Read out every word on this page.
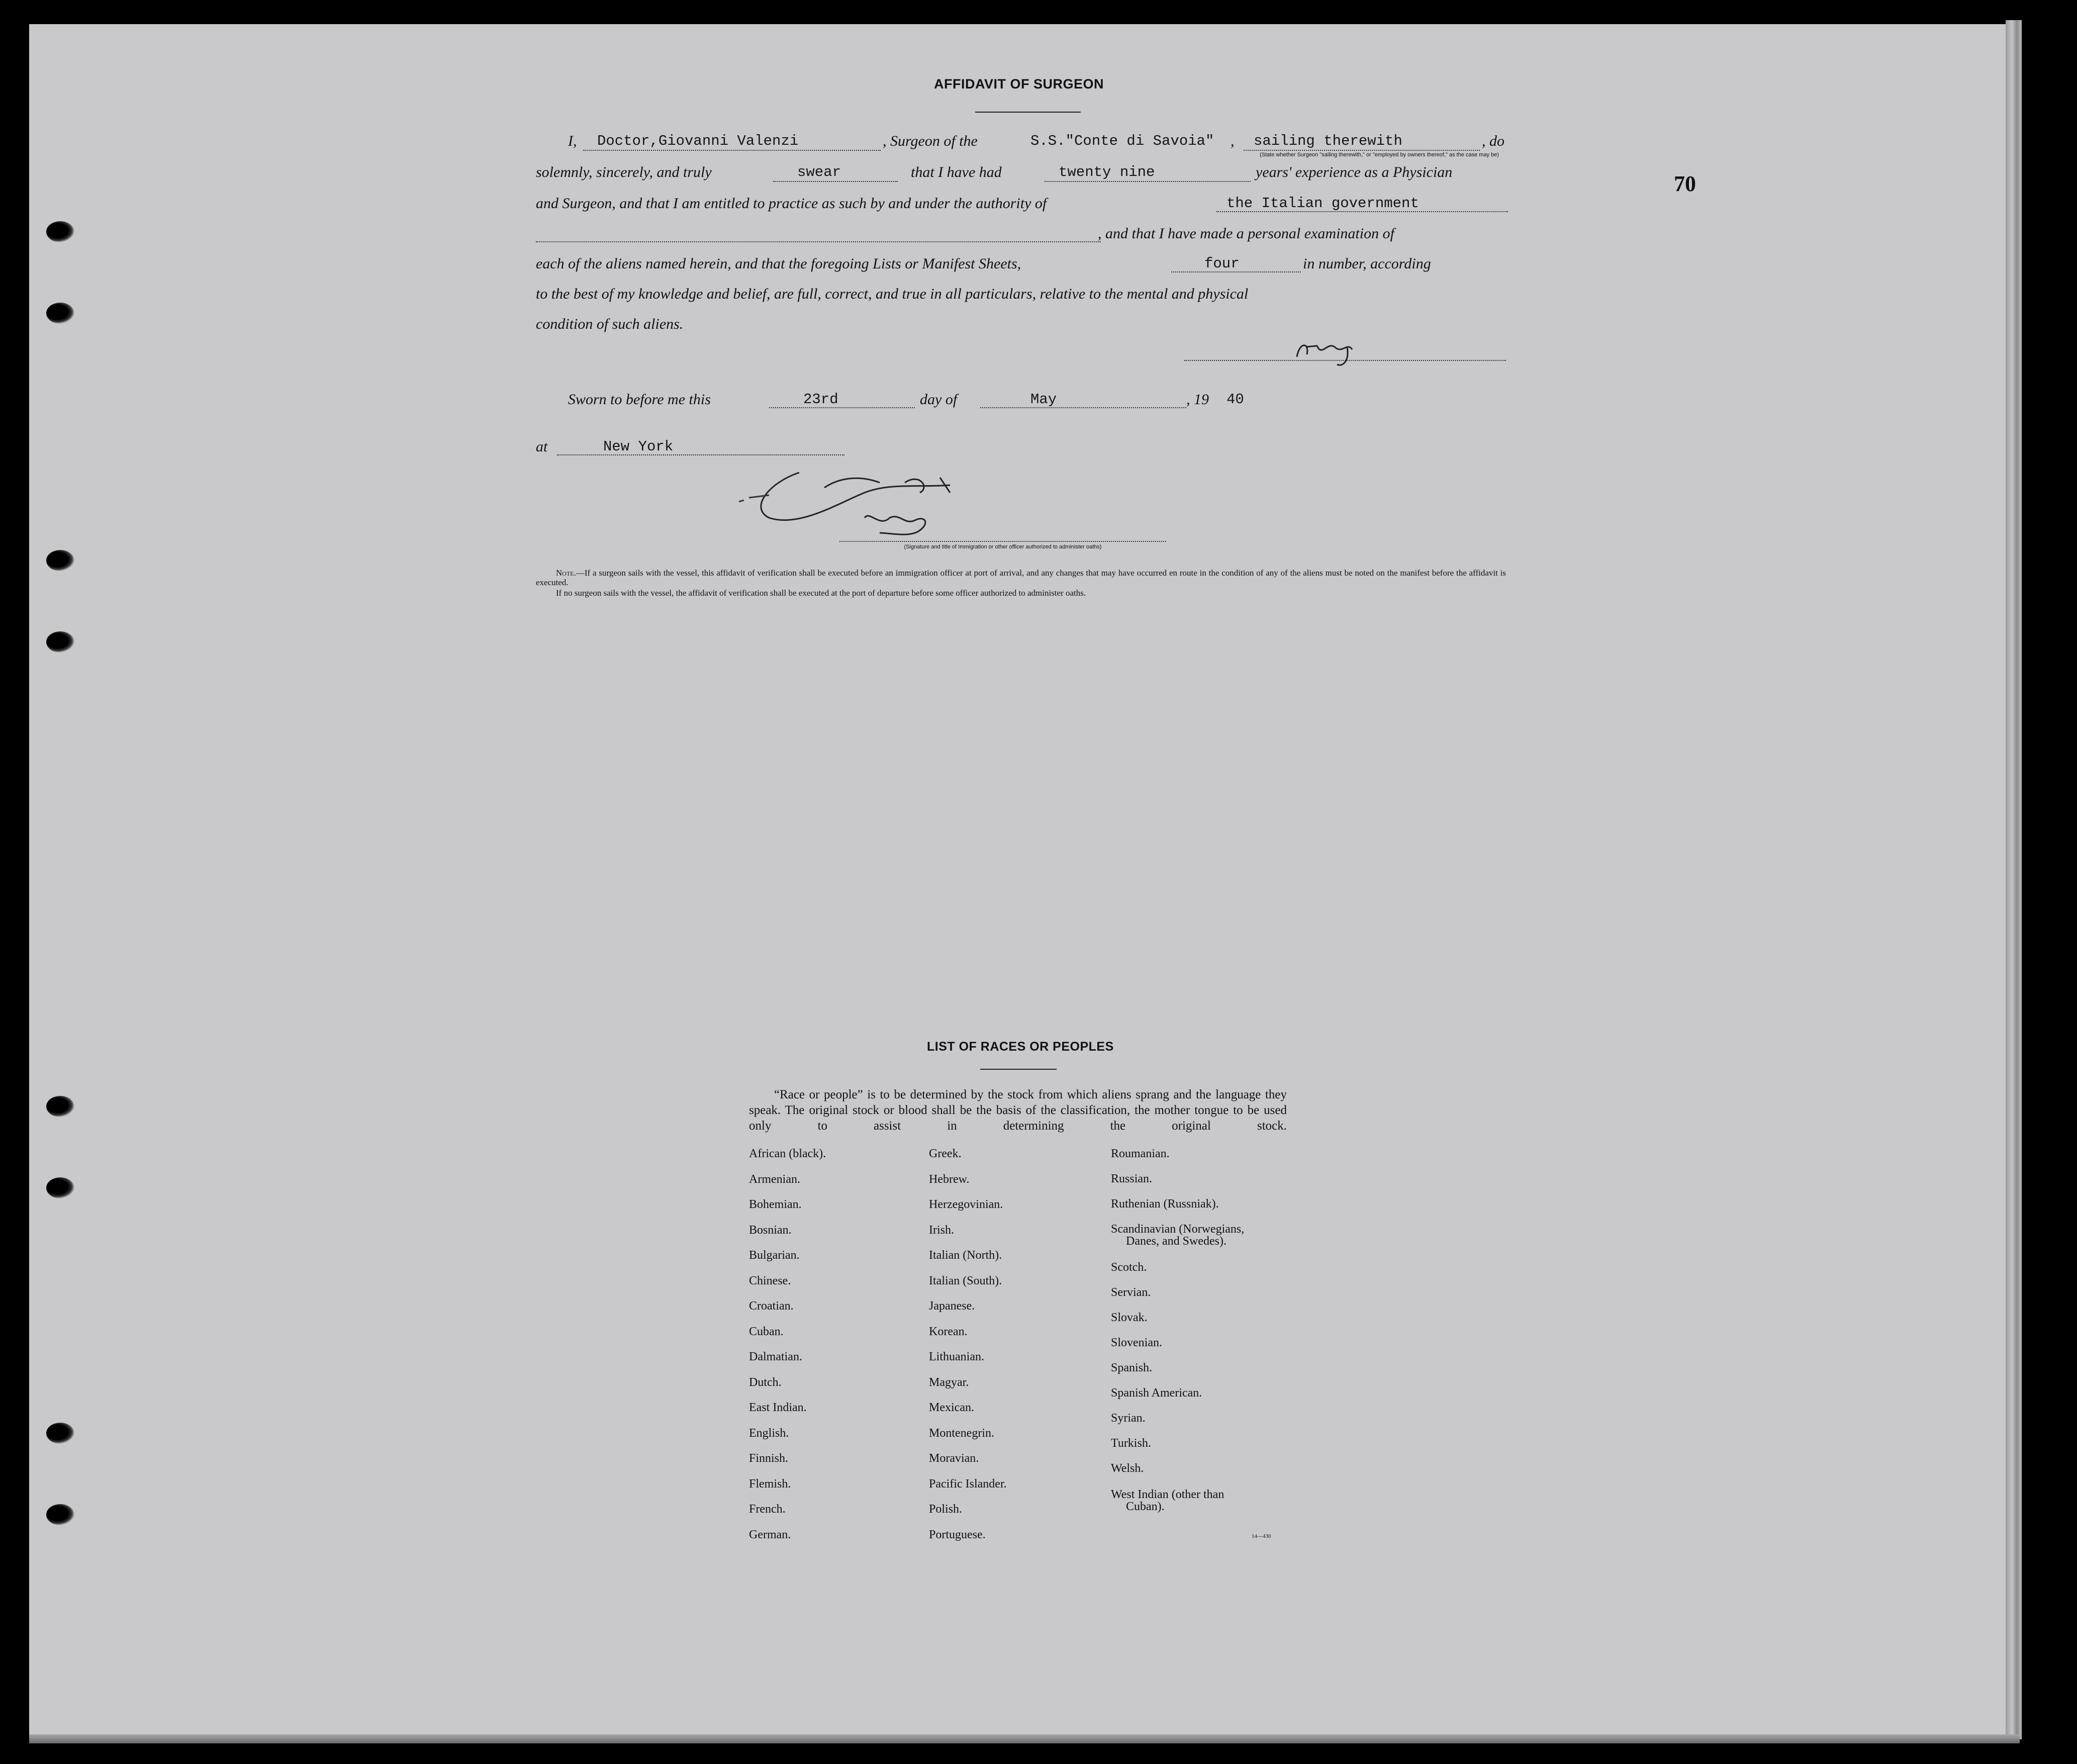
70
AFFIDAVIT OF SURGEON
I, Doctor,Giovanni Valenzi	, Surgeon of the	S.S."Conte di Savoia" , sailing therewith	, do
(State whether Surgeon "sailing therewith," or "employed by owners thereof," as the case may be)
solemnly, sincerely, and truly	swear	that I have had	twenty nine	years' experience as a Physician
and Surgeon, and that I am entitled to practice as such by and under the authority of	the Italian government
, and that I have made a personal examination of
each of the aliens named herein, and that the foregoing Lists or Manifest Sheets,	four	in number, according
to the best of my knowledge and belief, are full, correct, and true in all particulars, relative to the mental and physical
condition of such aliens.
Sworn to before me this	23rd	day of	May	, 19 40
at	New York
(Signature and title of Immigration or other officer authorized to administer oaths)
Note.—If a surgeon sails with the vessel, this affidavit of verification shall be executed before an immigration officer at port of arrival, and any changes that may have occurred en route in the condition of any of the aliens must be noted on the manifest before the affidavit is executed.
If no surgeon sails with the vessel, the affidavit of verification shall be executed at the port of departure before some officer authorized to administer oaths.
LIST OF RACES OR PEOPLES
“Race or people” is to be determined by the stock from which aliens sprang and the language they speak. The original stock or blood shall be the basis of the classification, the mother tongue to be used only to assist in determining the original stock.
African (black).
Armenian.
Bohemian.
Bosnian.
Bulgarian.
Chinese.
Croatian.
Cuban.
Dalmatian.
Dutch.
East Indian.
English.
Finnish.
Flemish.
French.
German.
Greek.
Hebrew.
Herzegovinian.
Irish.
Italian (North).
Italian (South).
Japanese.
Korean.
Lithuanian.
Magyar.
Mexican.
Montenegrin.
Moravian.
Pacific Islander.
Polish.
Portuguese.
Roumanian.
Russian.
Ruthenian (Russniak).
Scandinavian (Norwegians,
Danes, and Swedes).
Scotch.
Servian.
Slovak.
Slovenian.
Spanish.
Spanish American.
Syrian.
Turkish.
Welsh.
West Indian (other than
Cuban).
14—430
